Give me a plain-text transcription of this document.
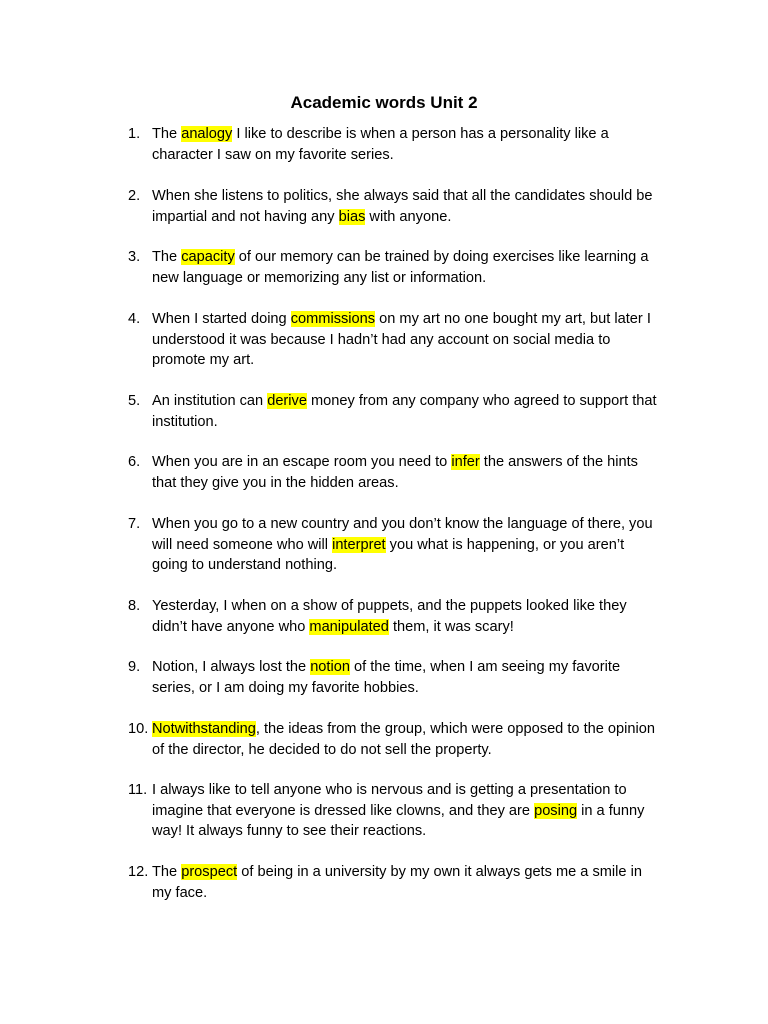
Academic words Unit 2
1. The analogy I like to describe is when a person has a personality like a character I saw on my favorite series.
2. When she listens to politics, she always said that all the candidates should be impartial and not having any bias with anyone.
3. The capacity of our memory can be trained by doing exercises like learning a new language or memorizing any list or information.
4. When I started doing commissions on my art no one bought my art, but later I understood it was because I hadn’t had any account on social media to promote my art.
5. An institution can derive money from any company who agreed to support that institution.
6. When you are in an escape room you need to infer the answers of the hints that they give you in the hidden areas.
7. When you go to a new country and you don’t know the language of there, you will need someone who will interpret you what is happening, or you aren’t going to understand nothing.
8. Yesterday, I when on a show of puppets, and the puppets looked like they didn’t have anyone who manipulated them, it was scary!
9. Notion, I always lost the notion of the time, when I am seeing my favorite series, or I am doing my favorite hobbies.
10. Notwithstanding, the ideas from the group, which were opposed to the opinion of the director, he decided to do not sell the property.
11. I always like to tell anyone who is nervous and is getting a presentation to imagine that everyone is dressed like clowns, and they are posing in a funny way! It always funny to see their reactions.
12. The prospect of being in a university by my own it always gets me a smile in my face.
